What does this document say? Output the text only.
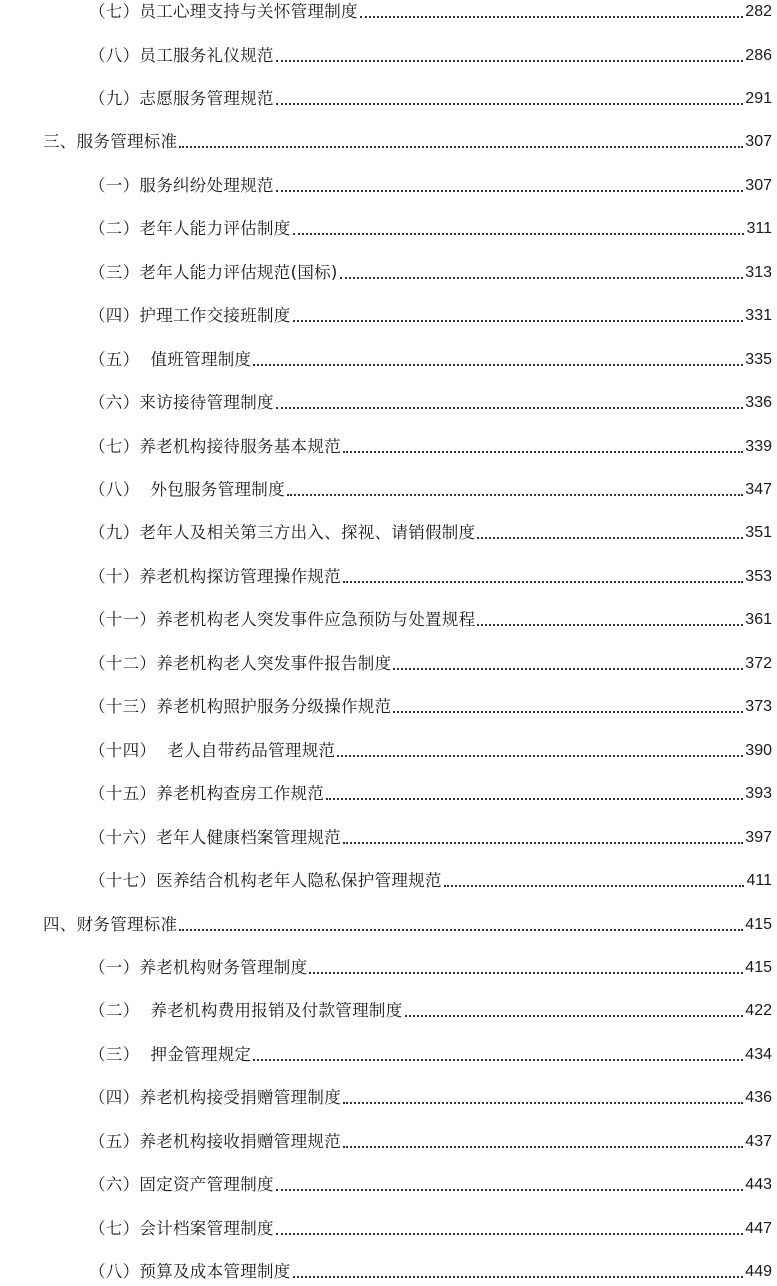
（七）员工心理支持与关怀管理制度	282
（八）员工服务礼仪规范	286
（九）志愿服务管理规范	291
三、服务管理标准	307
（一）服务纠纷处理规范	307
（二）老年人能力评估制度	311
（三）老年人能力评估规范(国标)	313
（四）护理工作交接班制度	331
（五）  值班管理制度	335
（六）来访接待管理制度	336
（七）养老机构接待服务基本规范	339
（八）  外包服务管理制度	347
（九）老年人及相关第三方出入、探视、请销假制度	351
（十）养老机构探访管理操作规范	353
（十一）养老机构老人突发事件应急预防与处置规程	361
（十二）养老机构老人突发事件报告制度	372
（十三）养老机构照护服务分级操作规范	373
（十四）  老人自带药品管理规范	390
（十五）养老机构查房工作规范	393
（十六）老年人健康档案管理规范	397
（十七）医养结合机构老年人隐私保护管理规范	411
四、财务管理标准	415
（一）养老机构财务管理制度	415
（二）  养老机构费用报销及付款管理制度	422
（三）  押金管理规定	434
（四）养老机构接受捐赠管理制度	436
（五）养老机构接收捐赠管理规范	437
（六）固定资产管理制度	443
（七）会计档案管理制度	447
（八）预算及成本管理制度	449
